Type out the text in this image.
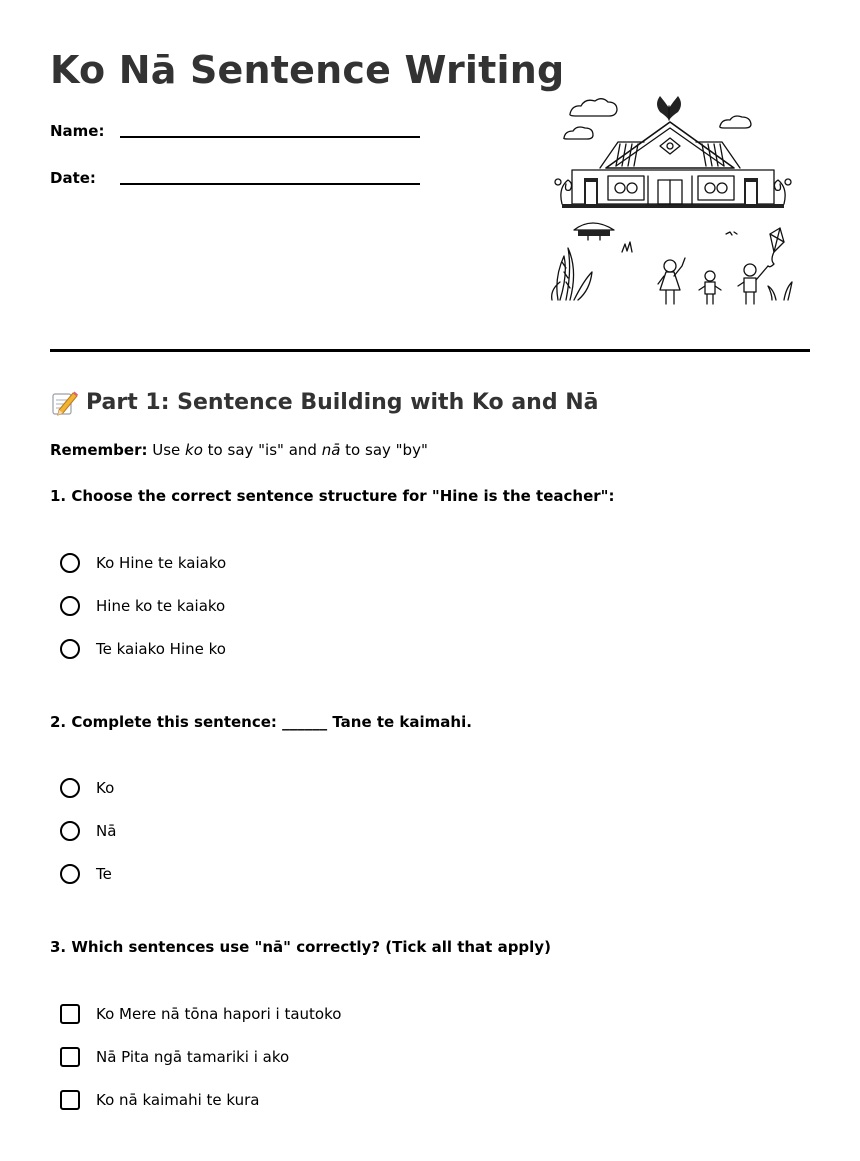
Ko Nā Sentence Writing
Name:
Date:
Part 1: Sentence Building with Ko and Nā
Remember: Use ko to say "is" and nā to say "by"
1. Choose the correct sentence structure for "Hine is the teacher":
Ko Hine te kaiako
Hine ko te kaiako
Te kaiako Hine ko
2. Complete this sentence: ______ Tane te kaimahi.
Ko
Nā
Te
3. Which sentences use "nā" correctly? (Tick all that apply)
Ko Mere nā tōna hapori i tautoko
Nā Pita ngā tamariki i ako
Ko nā kaimahi te kura
